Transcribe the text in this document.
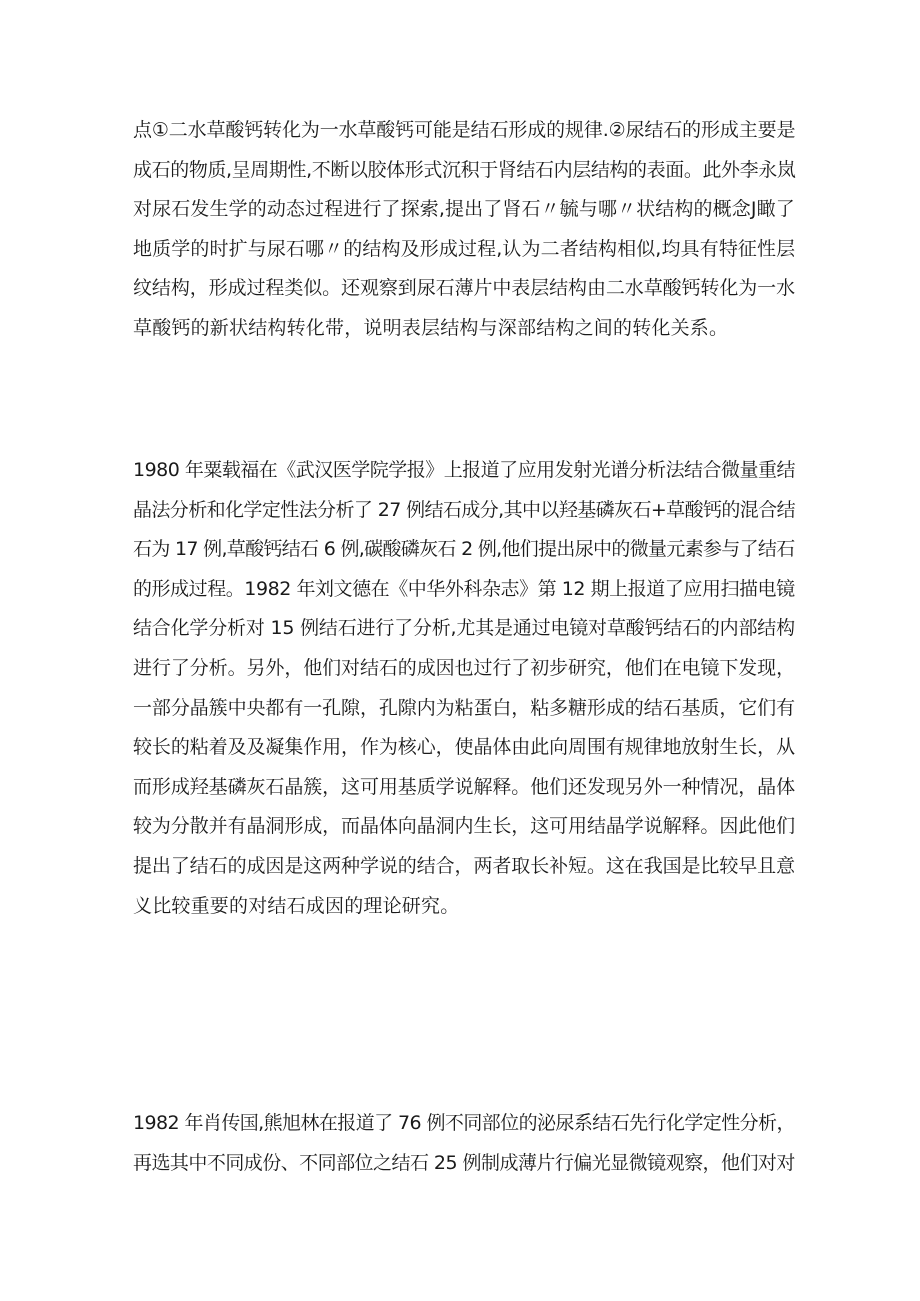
点①二水草酸钙转化为一水草酸钙可能是结石形成的规律.②尿结石的形成主要是
成石的物质,呈周期性,不断以胶体形式沉积于肾结石内层结构的表面。此外李永岚
对尿石发生学的动态过程进行了探索,提出了肾石〃毓与哪〃状结构的概念J瞰了
地质学的时扩与尿石哪〃的结构及形成过程,认为二者结构相似,均具有特征性层
纹结构，形成过程类似。还观察到尿石薄片中表层结构由二水草酸钙转化为一水
草酸钙的新状结构转化带，说明表层结构与深部结构之间的转化关系。

1980 年粟载福在《武汉医学院学报》上报道了应用发射光谱分析法结合微量重结
晶法分析和化学定性法分析了 27 例结石成分,其中以羟基磷灰石+草酸钙的混合结
石为 17 例,草酸钙结石 6 例,碳酸磷灰石 2 例,他们提出尿中的微量元素参与了结石
的形成过程。1982 年刘文德在《中华外科杂志》第 12 期上报道了应用扫描电镜
结合化学分析对 15 例结石进行了分析,尤其是通过电镜对草酸钙结石的内部结构
进行了分析。另外，他们对结石的成因也过行了初步研究，他们在电镜下发现，
一部分晶簇中央都有一孔隙，孔隙内为粘蛋白，粘多糖形成的结石基质，它们有
较长的粘着及及凝集作用，作为核心，使晶体由此向周围有规律地放射生长，从
而形成羟基磷灰石晶簇，这可用基质学说解释。他们还发现另外一种情况，晶体
较为分散并有晶洞形成，而晶体向晶洞内生长，这可用结晶学说解释。因此他们
提出了结石的成因是这两种学说的结合，两者取长补短。这在我国是比较早且意
义比较重要的对结石成因的理论研究。

1982 年肖传国,熊旭林在报道了 76 例不同部位的泌尿系结石先行化学定性分析，
再选其中不同成份、不同部位之结石 25 例制成薄片行偏光显微镜观察，他们对对
